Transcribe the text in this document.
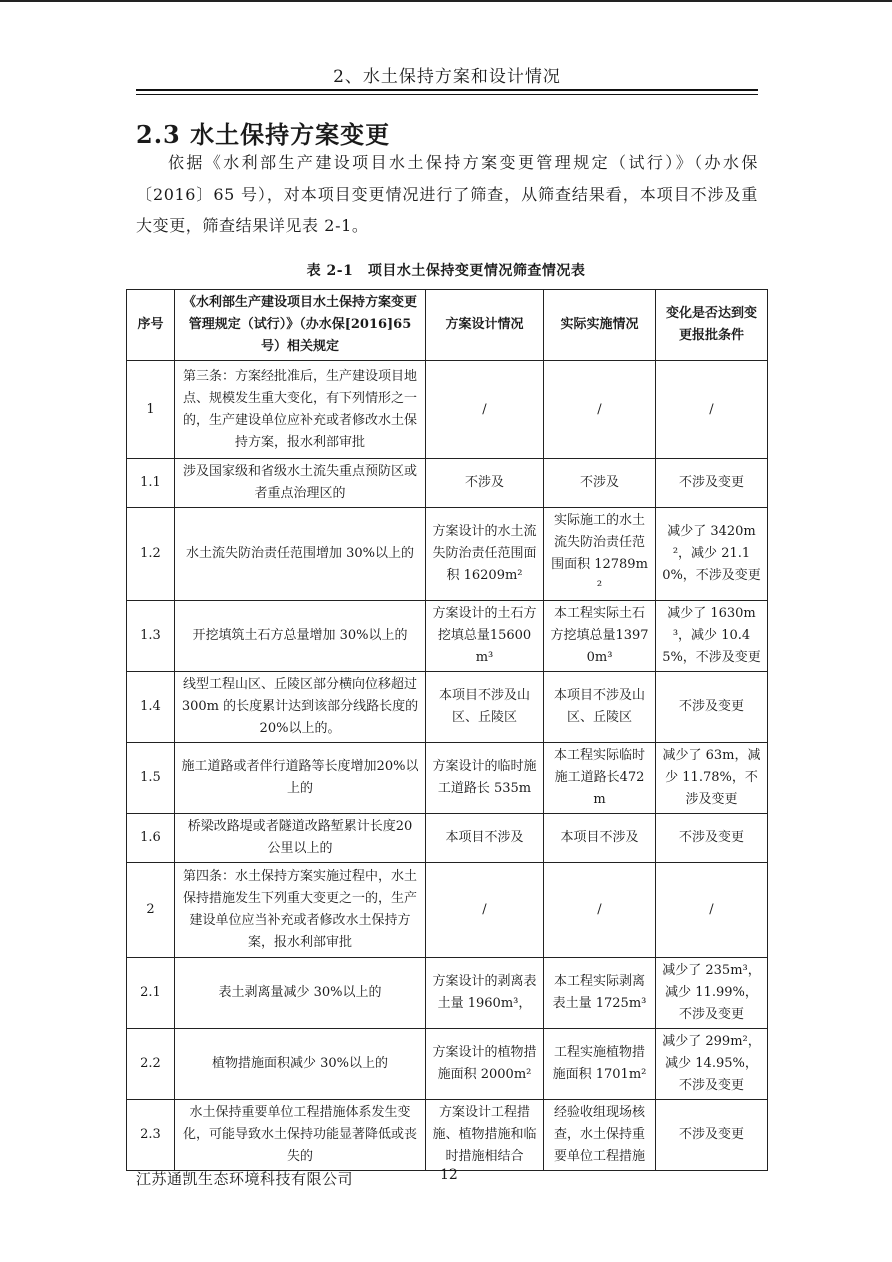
2、水土保持方案和设计情况
2.3 水土保持方案变更
依据《水利部生产建设项目水土保持方案变更管理规定（试行）》（办水保〔2016〕65 号），对本项目变更情况进行了筛查，从筛查结果看，本项目不涉及重大变更，筛查结果详见表 2-1。
表 2-1　项目水土保持变更情况筛查情况表
序号	《水利部生产建设项目水土保持方案变更管理规定（试行）》（办水保[2016]65 号）相关规定	方案设计情况	实际实施情况	变化是否达到变更报批条件
1	第三条：方案经批准后，生产建设项目地点、规模发生重大变化，有下列情形之一的，生产建设单位应补充或者修改水土保持方案，报水利部审批	/	/	/
1.1	涉及国家级和省级水土流失重点预防区或者重点治理区的	不涉及	不涉及	不涉及变更
1.2	水土流失防治责任范围增加 30%以上的	方案设计的水土流失防治责任范围面积 16209m²	实际施工的水土流失防治责任范围面积 12789m²	减少了 3420m²，减少 21.10%，不涉及变更
1.3	开挖填筑土石方总量增加 30%以上的	方案设计的土石方挖填总量15600m³	本工程实际土石方挖填总量13970m³	减少了 1630m³，减少 10.45%，不涉及变更
1.4	线型工程山区、丘陵区部分横向位移超过 300m 的长度累计达到该部分线路长度的 20%以上的。	本项目不涉及山区、丘陵区	本项目不涉及山区、丘陵区	不涉及变更
1.5	施工道路或者伴行道路等长度增加20%以上的	方案设计的临时施工道路长 535m	本工程实际临时施工道路长472m	减少了 63m，减少 11.78%，不涉及变更
1.6	桥梁改路堤或者隧道改路堑累计长度20 公里以上的	本项目不涉及	本项目不涉及	不涉及变更
2	第四条：水土保持方案实施过程中，水土保持措施发生下列重大变更之一的，生产建设单位应当补充或者修改水土保持方案，报水利部审批	/	/	/
2.1	表土剥离量减少 30%以上的	方案设计的剥离表土量 1960m³，	本工程实际剥离表土量 1725m³	减少了 235m³，减少 11.99%，不涉及变更
2.2	植物措施面积减少 30%以上的	方案设计的植物措施面积 2000m²	工程实施植物措施面积 1701m²	减少了 299m²，减少 14.95%，不涉及变更
2.3	水土保持重要单位工程措施体系发生变化，可能导致水土保持功能显著降低或丧失的	方案设计工程措施、植物措施和临时措施相结合	经验收组现场核查，水土保持重要单位工程措施	不涉及变更
江苏通凯生态环境科技有限公司	12
